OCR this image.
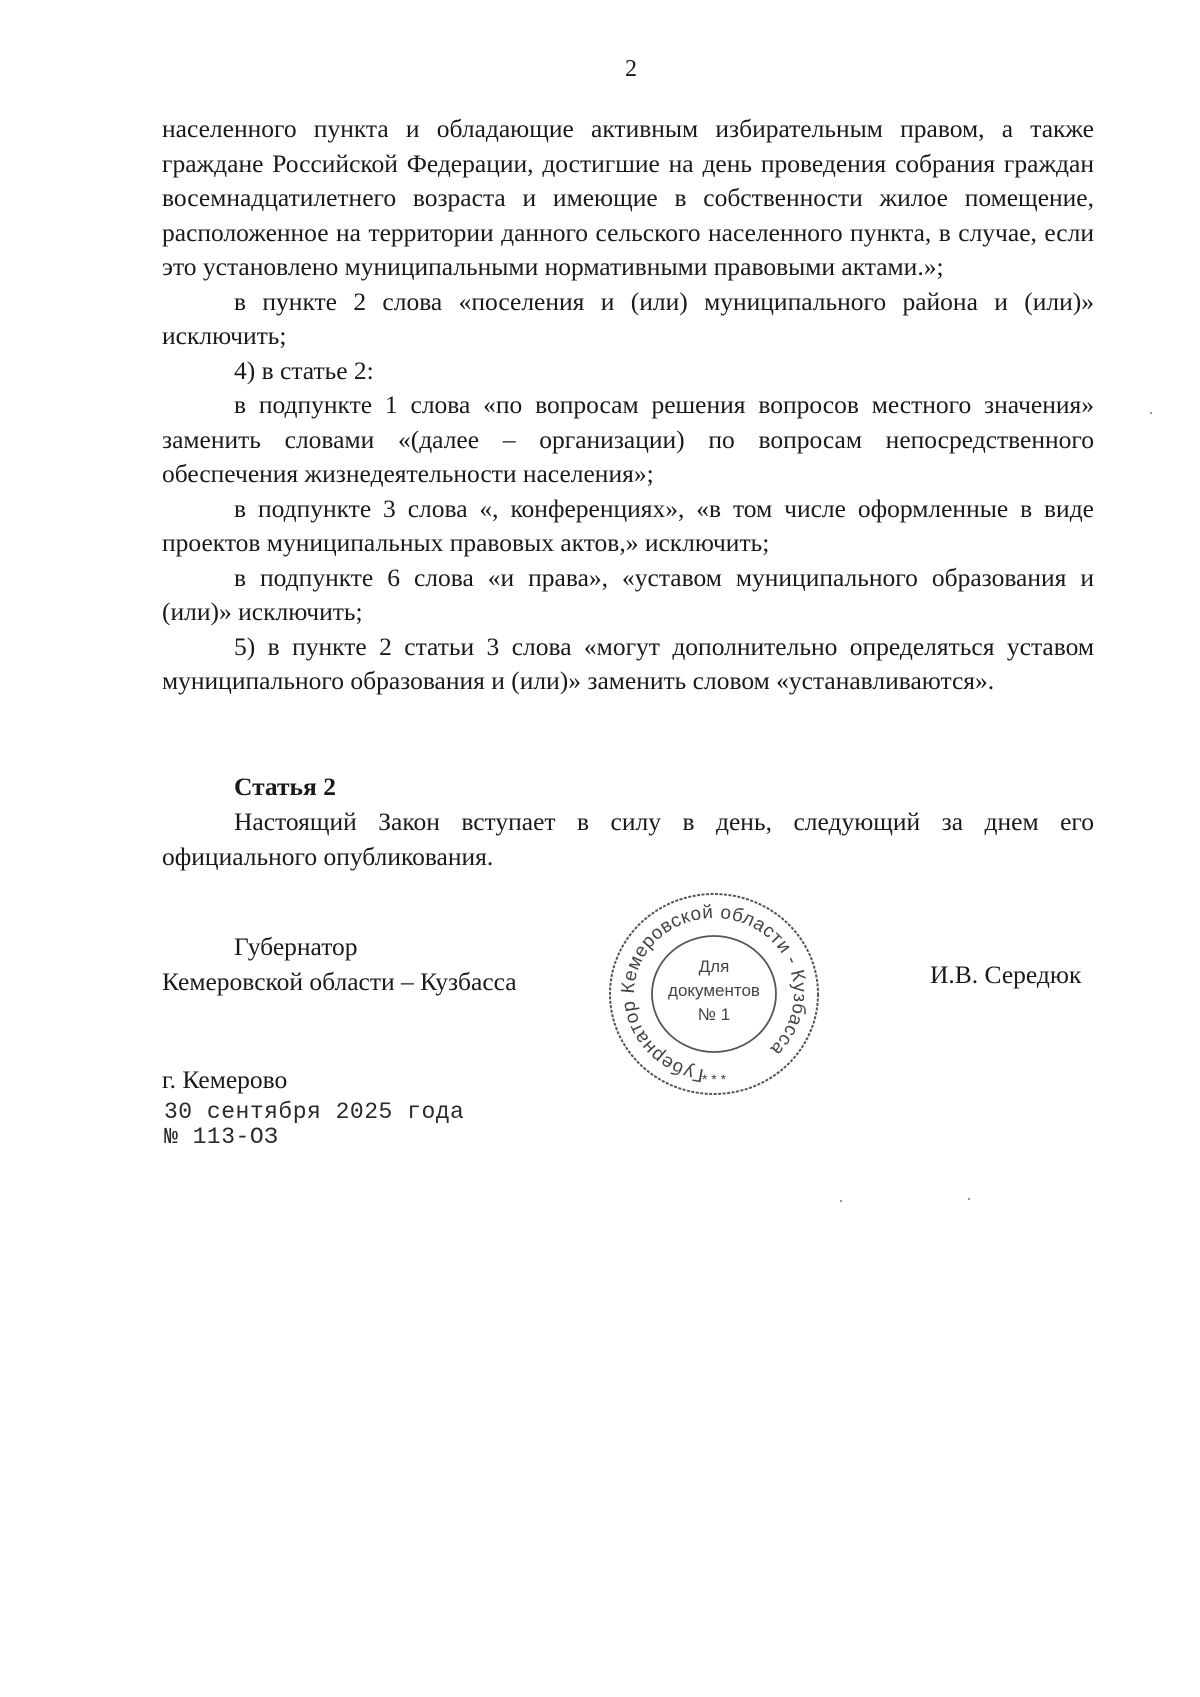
2

населенного пункта и обладающие активным избирательным правом, а также граждане Российской Федерации, достигшие на день проведения собрания граждан восемнадцатилетнего возраста и имеющие в собственности жилое помещение, расположенное на территории данного сельского населенного пункта, в случае, если это установлено муниципальными нормативными правовыми актами.»;

в пункте 2 слова «поселения и (или) муниципального района и (или)» исключить;

4) в статье 2:

в подпункте 1 слова «по вопросам решения вопросов местного значения» заменить словами «(далее – организации) по вопросам непосредственного обеспечения жизнедеятельности населения»;

в подпункте 3 слова «, конференциях», «в том числе оформленные в виде проектов муниципальных правовых актов,» исключить;

в подпункте 6 слова «и права», «уставом муниципального образования и (или)» исключить;

5) в пункте 2 статьи 3 слова «могут дополнительно определяться уставом муниципального образования и (или)» заменить словом «устанавливаются».

Статья 2

Настоящий Закон вступает в силу в день, следующий за днем его официального опубликования.

Губернатор
Кемеровской области – Кузбасса
Губернатор Кемеровской области - Кузбасса
Для
документов
№ 1
* * *
И.В. Середюк
г. Кемерово
30 сентября 2025 года
№ 113-ОЗ
